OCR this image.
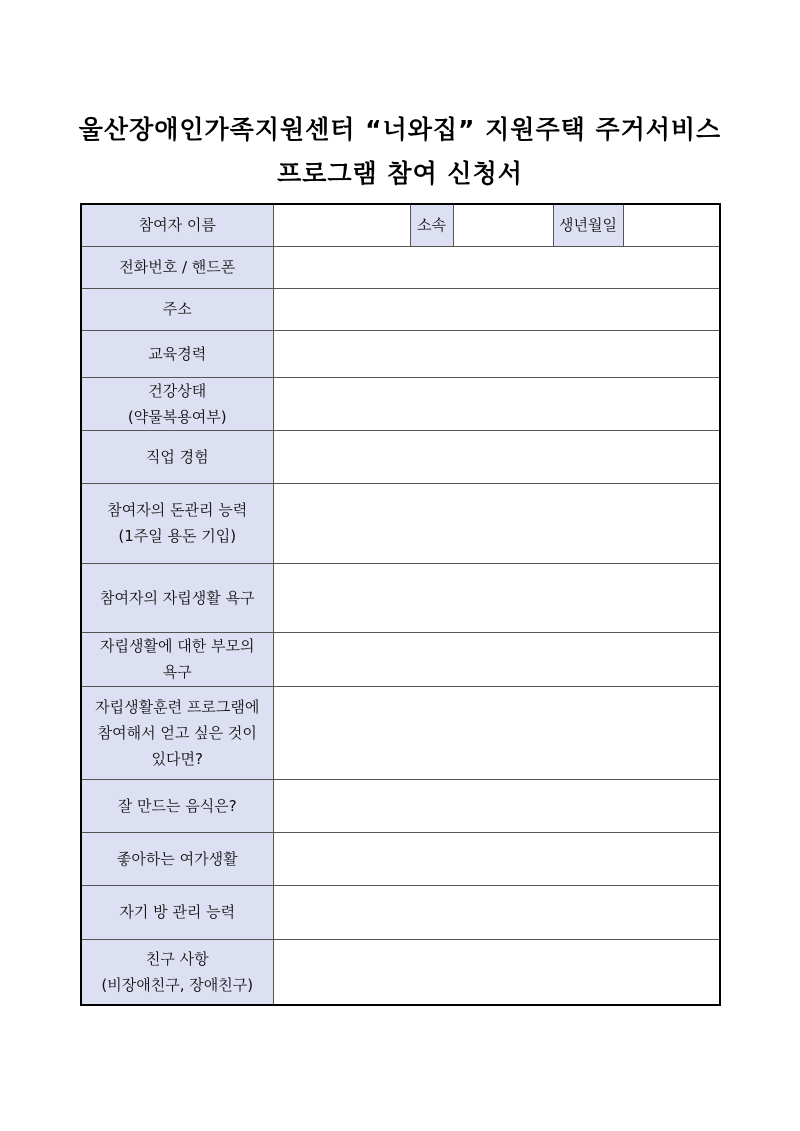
울산장애인가족지원센터 “너와집” 지원주택 주거서비스
프로그램 참여 신청서
참여자 이름		소속		생년월일	

전화번호 / 핸드폰					

주소					

교육경력					

건강상태
(약물복용여부)					

직업 경험					

참여자의 돈관리 능력
(1주일 용돈 기입)					

참여자의 자립생활 욕구					

자립생활에 대한 부모의
욕구					

자립생활훈련 프로그램에
참여해서 얻고 싶은 것이
있다면?					

잘 만드는 음식은?					

좋아하는 여가생활					

자기 방 관리 능력					

친구 사항
(비장애친구, 장애친구)					
